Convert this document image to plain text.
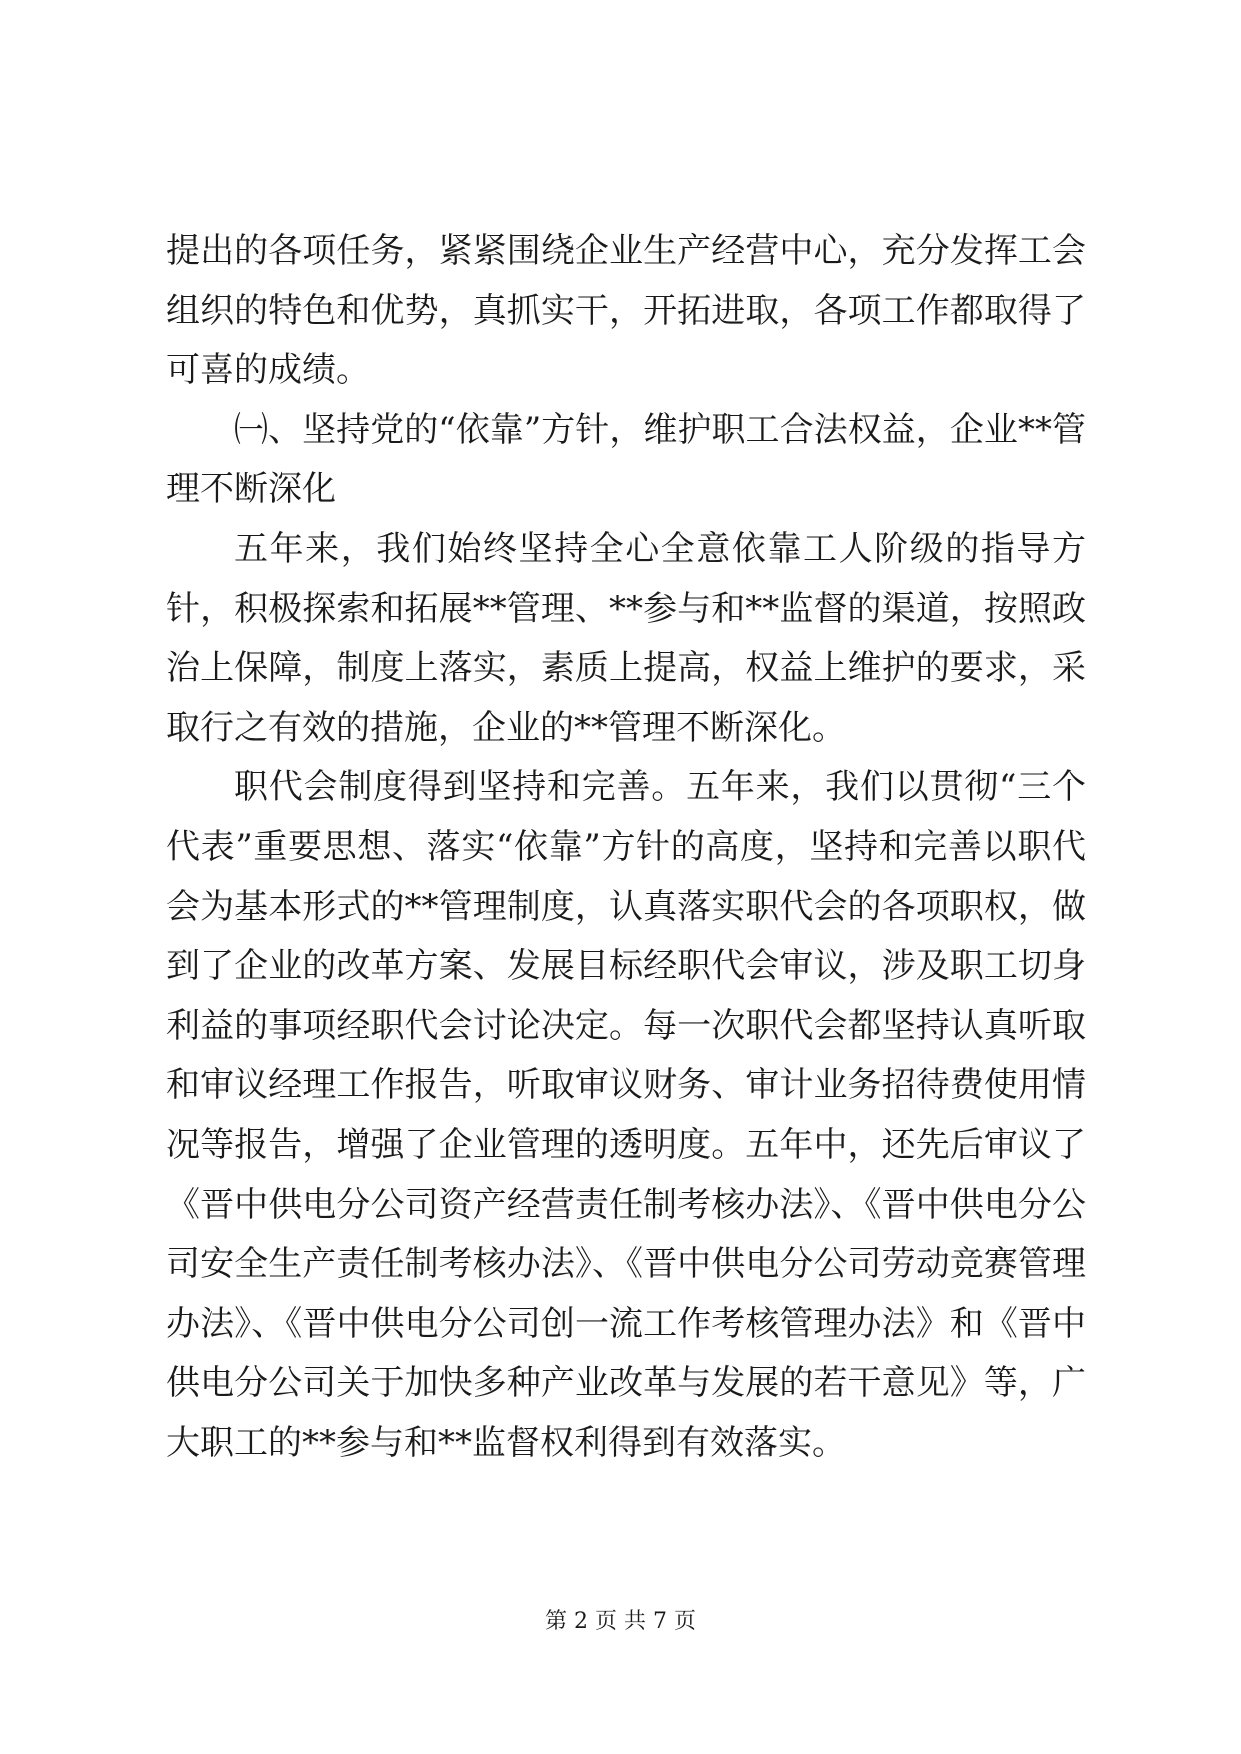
提出的各项任务，紧紧围绕企业生产经营中心，充分发挥工会组织的特色和优势，真抓实干，开拓进取，各项工作都取得了可喜的成绩。

㈠、坚持党的“依靠”方针，维护职工合法权益，企业**管理不断深化

五年来，我们始终坚持全心全意依靠工人阶级的指导方针，积极探索和拓展**管理、**参与和**监督的渠道，按照政治上保障，制度上落实，素质上提高，权益上维护的要求，采取行之有效的措施，企业的**管理不断深化。

职代会制度得到坚持和完善。五年来，我们以贯彻“三个代表”重要思想、落实“依靠”方针的高度，坚持和完善以职代会为基本形式的**管理制度，认真落实职代会的各项职权，做到了企业的改革方案、发展目标经职代会审议，涉及职工切身利益的事项经职代会讨论决定。每一次职代会都坚持认真听取和审议经理工作报告，听取审议财务、审计业务招待费使用情况等报告，增强了企业管理的透明度。五年中，还先后审议了《晋中供电分公司资产经营责任制考核办法》、《晋中供电分公司安全生产责任制考核办法》、《晋中供电分公司劳动竞赛管理办法》、《晋中供电分公司创一流工作考核管理办法》和《晋中供电分公司关于加快多种产业改革与发展的若干意见》等，广大职工的**参与和**监督权利得到有效落实。

第 2 页 共 7 页
